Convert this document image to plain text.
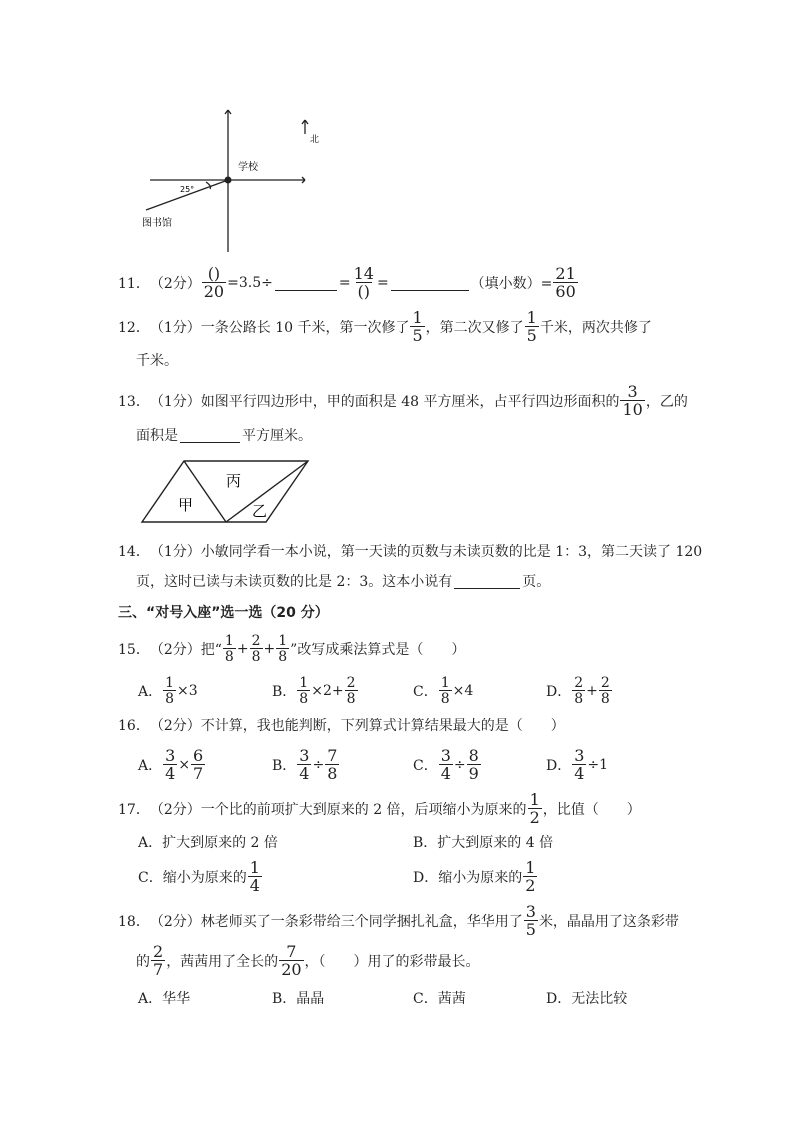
学校
北
图书馆
25°
11． （2分） $\frac{()}{20} =3.5\div$	= $\frac{14}{()}$ =	（填小数）= $\frac{21}{60}$
12． （1分） 一条公路长 10 千米，第一次修了 $\frac{1}{5}$ ，第二次又修了 $\frac{1}{5}$ 千米，两次共修了
千米。
13． （1分） 如图平行四边形中，甲的面积是 48 平方厘米，占平行四边形面积的 $\frac{3}{10}$ ，乙的
面积是	平方厘米。
甲
丙
乙
14． （1分） 小敏同学看一本小说，第一天读的页数与未读页数的比是 1：3，第二天读了 120
页，这时已读与未读页数的比是 2：3。这本小说有	页。
三、“对号入座”选一选（20 分）
15． （2分） 把“ $\frac{1}{8} + \frac{2}{8} + \frac{1}{8}$ ”改写成乘法算式是（　　）
A． $\frac{1}{8} \times 3$	B． $\frac{1}{8} \times 2+ \frac{2}{8}$	C． $\frac{1}{8} \times 4$	D． $\frac{2}{8} + \frac{2}{8}$
16． （2分） 不计算，我也能判断，下列算式计算结果最大的是（　　）
A． $\frac{3}{4} \times \frac{6}{7}$	B． $\frac{3}{4} \div \frac{7}{8}$	C． $\frac{3}{4} \div \frac{8}{9}$	D． $\frac{3}{4} \div 1$
17． （2分） 一个比的前项扩大到原来的 2 倍，后项缩小为原来的 $\frac{1}{2}$ ，比值（　　）
A．扩大到原来的 2 倍	B．扩大到原来的 4 倍
C．缩小为原来的 $\frac{1}{4}$	D．缩小为原来的 $\frac{1}{2}$
18． （2分） 林老师买了一条彩带给三个同学捆扎礼盒，华华用了 $\frac{3}{5}$ 米，晶晶用了这条彩带
的 $\frac{2}{7}$ ，茜茜用了全长的 $\frac{7}{20}$ ，（　　）用了的彩带最长。
A．华华	B．晶晶	C．茜茜	D．无法比较
